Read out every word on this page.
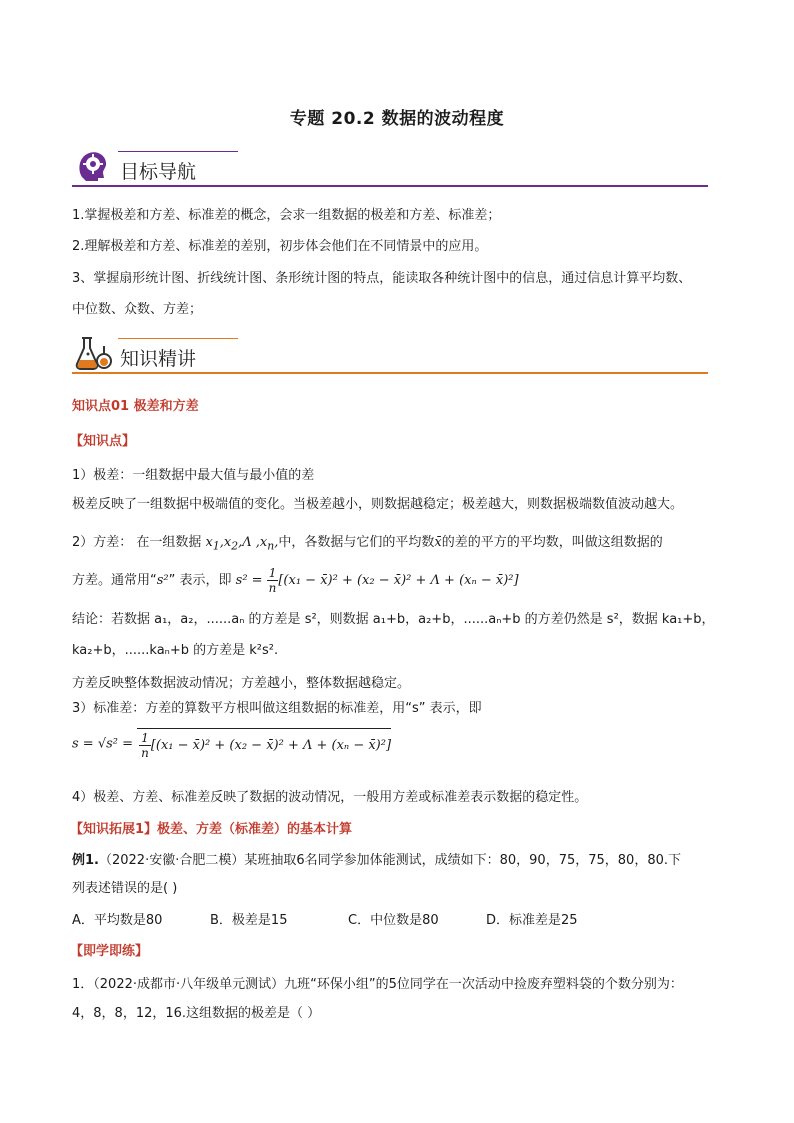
专题 20.2 数据的波动程度
目标导航

1.掌握极差和方差、标准差的概念，会求一组数据的极差和方差、标准差；

2.理解极差和方差、标准差的差别，初步体会他们在不同情景中的应用。

3、掌握扇形统计图、折线统计图、条形统计图的特点，能读取各种统计图中的信息，通过信息计算平均数、

中位数、众数、方差；

知识精讲

知识点01 极差和方差

【知识点】

1）极差：一组数据中最大值与最小值的差

极差反映了一组数据中极端值的变化。当极差越小，则数据越稳定；极差越大，则数据极端数值波动越大。

2）方差： 在一组数据 $x_1,x_2,\Lambda$ $,x_n$,中，各数据与它们的平均数x̄的差的平方的平均数，叫做这组数据的

方差。通常用“s²” 表示，即 $s^2 = \frac{1}{n} [(x_1$ − x̄)² + (x₂ − x̄)² + Λ + (xₙ − x̄)²]

结论：若数据 a₁，a₂，......aₙ 的方差是 s²，则数据 a₁+b，a₂+b，......aₙ+b 的方差仍然是 s²，数据 ka₁+b，

ka₂+b，......kaₙ+b 的方差是 k²s².

方差反映整体数据波动情况；方差越小，整体数据越稳定。

3）标准差：方差的算数平方根叫做这组数据的标准差，用“s” 表示，即

$s = √s^2 = \frac{1}{n} [(x_1$ − x̄)² + (x₂ − x̄)² + Λ + (xₙ − x̄)²]

4）极差、方差、标准差反映了数据的波动情况，一般用方差或标准差表示数据的稳定性。

【知识拓展1】极差、方差（标准差）的基本计算

例1.（2022·安徽·合肥二模）某班抽取6名同学参加体能测试，成绩如下：80，90，75，75，80，80.下

列表述错误的是( )

A．平均数是80	B．极差是15	C．中位数是80	D．标准差是25

【即学即练】

1．（2022·成都市·八年级单元测试）九班“环保小组”的5位同学在一次活动中捡废弃塑料袋的个数分别为：

4，8，8，12，16.这组数据的极差是（ ）
